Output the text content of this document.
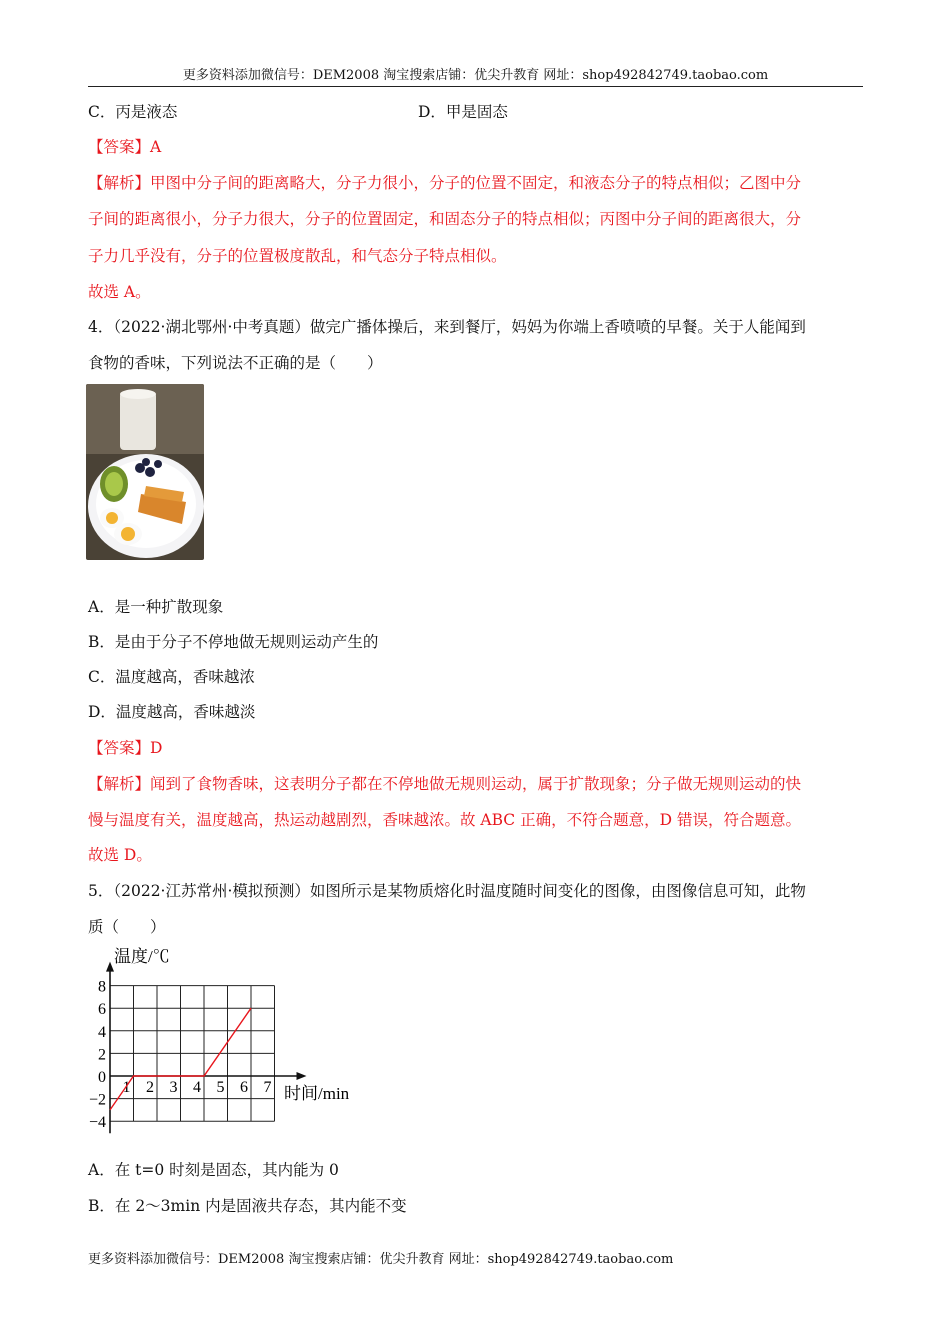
更多资料添加微信号：DEM2008 淘宝搜索店铺：优尖升教育 网址：shop492842749.taobao.com
C．丙是液态	D．甲是固态
【答案】A
【解析】甲图中分子间的距离略大，分子力很小，分子的位置不固定，和液态分子的特点相似；乙图中分
子间的距离很小，分子力很大，分子的位置固定，和固态分子的特点相似；丙图中分子间的距离很大，分
子力几乎没有，分子的位置极度散乱，和气态分子特点相似。
故选 A。
4．（2022·湖北鄂州·中考真题）做完广播体操后，来到餐厅，妈妈为你端上香喷喷的早餐。关于人能闻到
食物的香味，下列说法不正确的是（　　）
A．是一种扩散现象
B．是由于分子不停地做无规则运动产生的
C．温度越高，香味越浓
D．温度越高，香味越淡
【答案】D
【解析】闻到了食物香味，这表明分子都在不停地做无规则运动，属于扩散现象；分子做无规则运动的快
慢与温度有关，温度越高，热运动越剧烈，香味越浓。故 ABC 正确，不符合题意，D 错误，符合题意。
故选 D。
5．（2022·江苏常州·模拟预测）如图所示是某物质熔化时温度随时间变化的图像，由图像信息可知，此物
质（　　）
8
6
4
2
0
−2
−4
1 2 3 4 5 6 7
温度/℃
时间/min
A．在 t=0 时刻是固态，其内能为 0
B．在 2～3min 内是固液共存态，其内能不变
更多资料添加微信号：DEM2008 淘宝搜索店铺：优尖升教育 网址：shop492842749.taobao.com
